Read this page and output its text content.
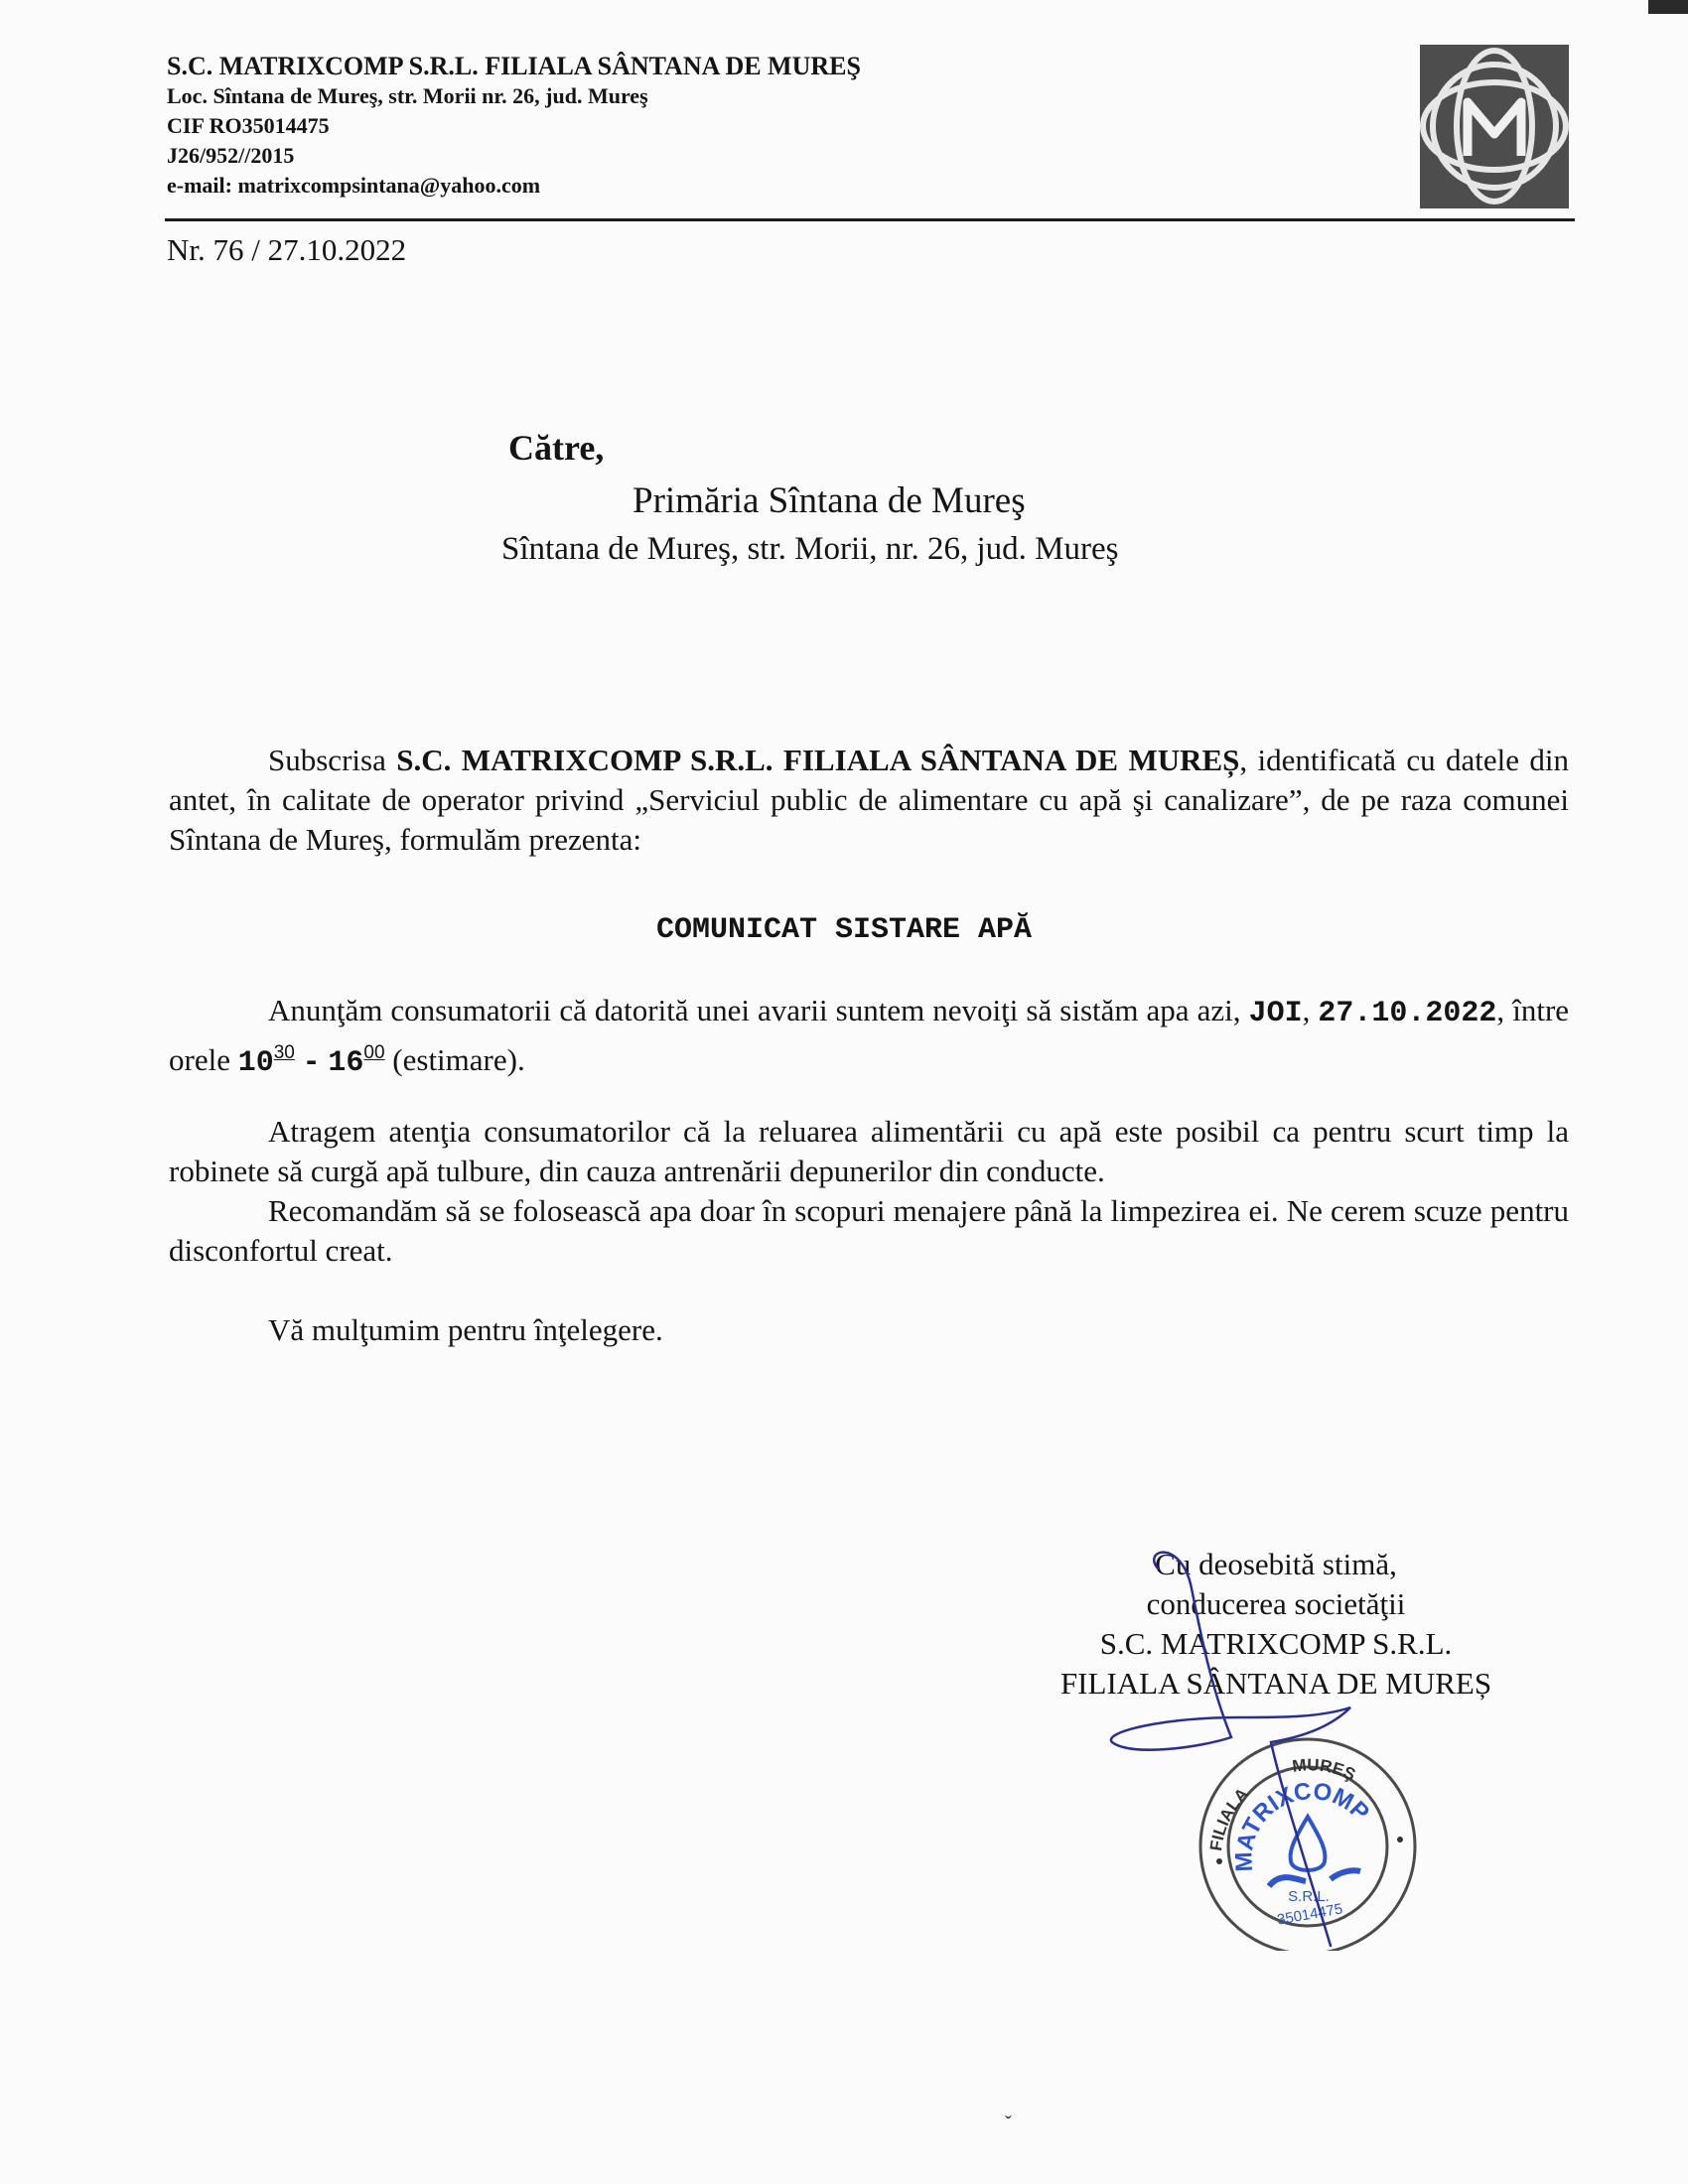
S.C. MATRIXCOMP S.R.L. FILIALA SÂNTANA DE MUREŞ
Loc. Sîntana de Mureş, str. Morii nr. 26, jud. Mureş
CIF RO35014475
J26/952//2015
e-mail: matrixcompsintana@yahoo.com
Nr. 76 / 27.10.2022
Către,
Primăria Sîntana de Mureş
Sîntana de Mureş, str. Morii, nr. 26, jud. Mureş
Subscrisa S.C. MATRIXCOMP S.R.L. FILIALA SÂNTANA DE MUREȘ, identificată cu datele din antet, în calitate de operator privind „Serviciul public de alimentare cu apă şi canalizare”, de pe raza comunei Sîntana de Mureş, formulăm prezenta:
COMUNICAT SISTARE APĂ
Anunţăm consumatorii că datorită unei avarii suntem nevoiţi să sistăm apa azi, JOI, 27.10.2022, între orele $10^{30} - 16^{00}$ (estimare).
Atragem atenţia consumatorilor că la reluarea alimentării cu apă este posibil ca pentru scurt timp la robinete să curgă apă tulbure, din cauza antrenării depunerilor din conducte.
Recomandăm să se folosească apa doar în scopuri menajere până la limpezirea ei. Ne cerem scuze pentru disconfortul creat.
Vă mulţumim pentru înţelegere.
Cu deosebită stimă,
conducerea societăţii
S.C. MATRIXCOMP S.R.L.
FILIALA SÂNTANA DE MUREȘ
FILIALAMUREŞ
MATRIXCOMP
S.R.L.
35014475
ˇ
